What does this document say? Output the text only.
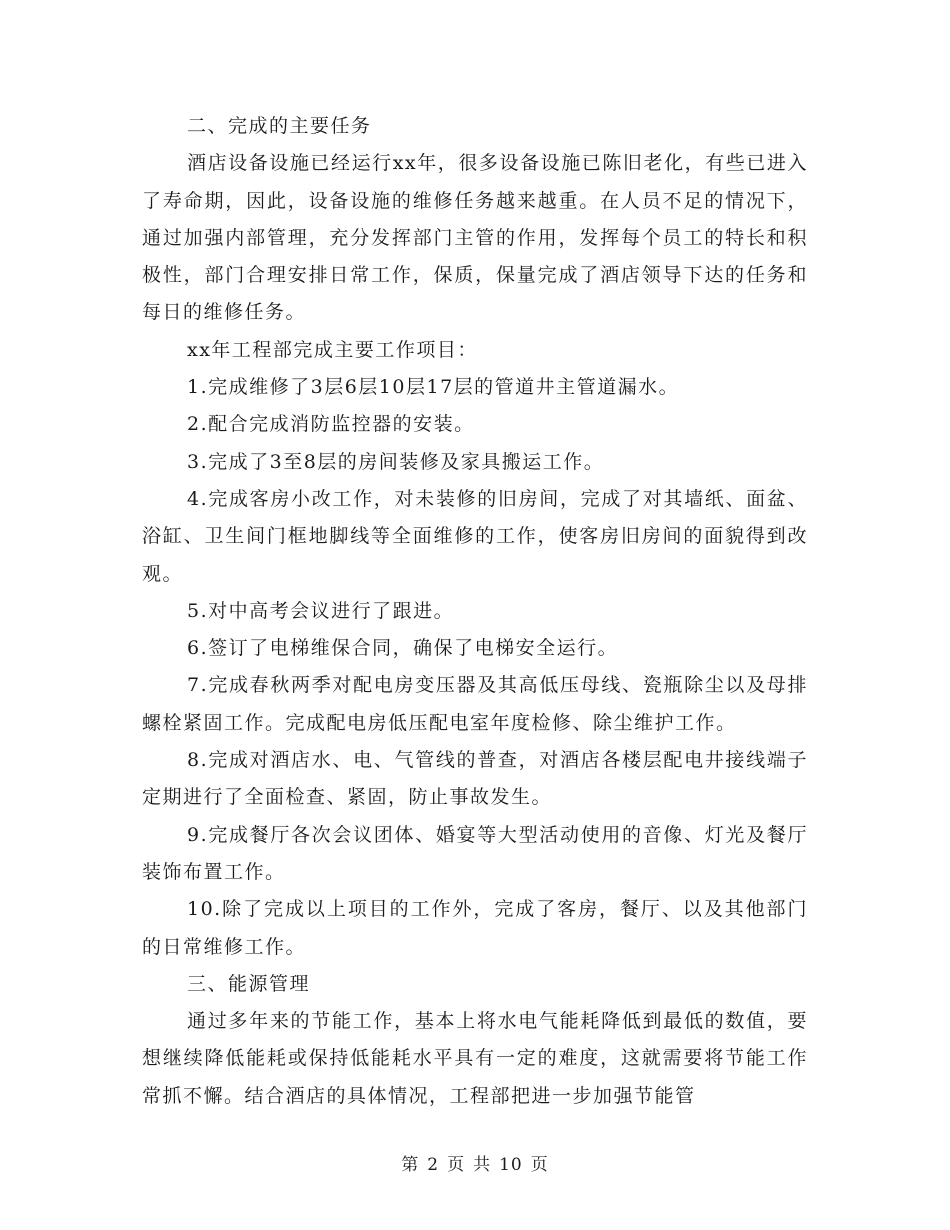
二、完成的主要任务

酒店设备设施已经运行xx年，很多设备设施已陈旧老化，有些已进入了寿命期，因此，设备设施的维修任务越来越重。在人员不足的情况下，通过加强内部管理，充分发挥部门主管的作用，发挥每个员工的特长和积极性，部门合理安排日常工作，保质，保量完成了酒店领导下达的任务和每日的维修任务。

xx年工程部完成主要工作项目：

1.完成维修了3层6层10层17层的管道井主管道漏水。

2.配合完成消防监控器的安装。

3.完成了3至8层的房间装修及家具搬运工作。

4.完成客房小改工作，对未装修的旧房间，完成了对其墙纸、面盆、浴缸、卫生间门框地脚线等全面维修的工作，使客房旧房间的面貌得到改观。

5.对中高考会议进行了跟进。

6.签订了电梯维保合同，确保了电梯安全运行。

7.完成春秋两季对配电房变压器及其高低压母线、瓷瓶除尘以及母排螺栓紧固工作。完成配电房低压配电室年度检修、除尘维护工作。

8.完成对酒店水、电、气管线的普查，对酒店各楼层配电井接线端子定期进行了全面检查、紧固，防止事故发生。

9.完成餐厅各次会议团体、婚宴等大型活动使用的音像、灯光及餐厅装饰布置工作。

10.除了完成以上项目的工作外，完成了客房，餐厅、以及其他部门的日常维修工作。

三、能源管理

通过多年来的节能工作，基本上将水电气能耗降低到最低的数值，要想继续降低能耗或保持低能耗水平具有一定的难度，这就需要将节能工作常抓不懈。结合酒店的具体情况，工程部把进一步加强节能管

第 2 页 共 10 页
